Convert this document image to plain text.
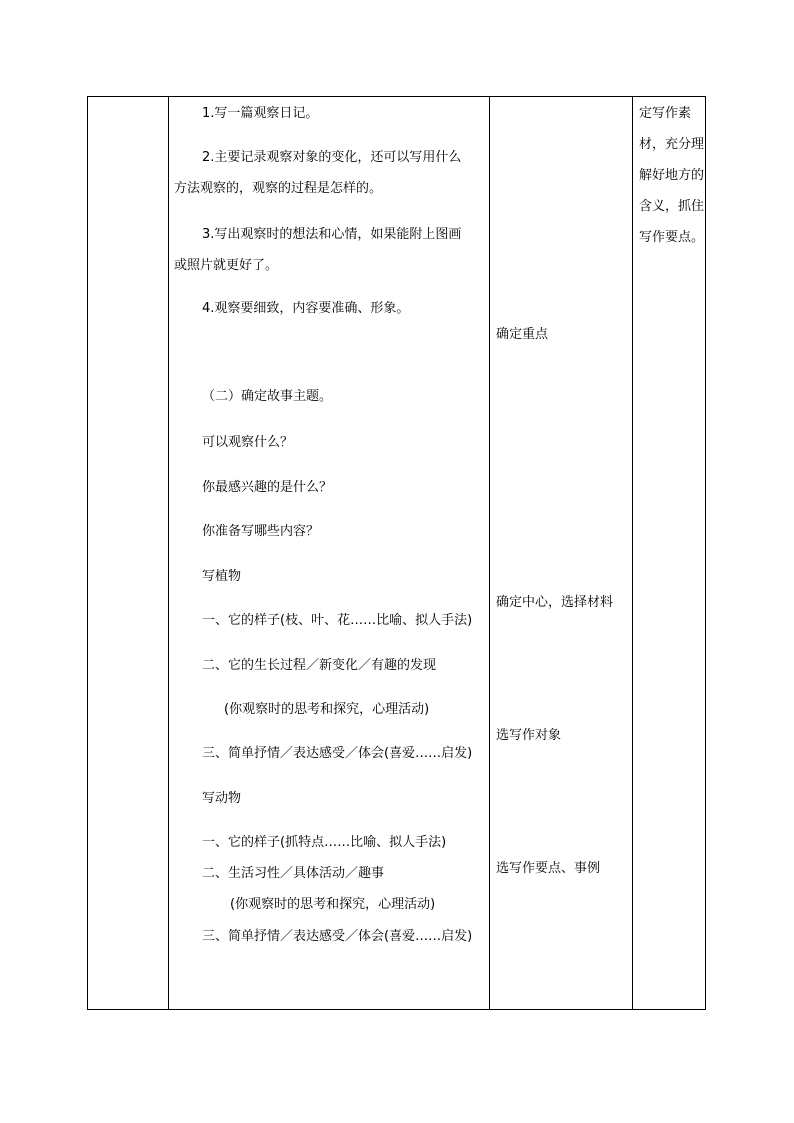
1.写一篇观察日记。
2.主要记录观察对象的变化，还可以写用什么
方法观察的，观察的过程是怎样的。
3.写出观察时的想法和心情，如果能附上图画
或照片就更好了。
4.观察要细致，内容要准确、形象。
（二）确定故事主题。
可以观察什么？
你最感兴趣的是什么？
你准备写哪些内容？
写植物
一、它的样子(枝、叶、花……比喻、拟人手法)
二、它的生长过程／新变化／有趣的发现
(你观察时的思考和探究，心理活动)
三、简单抒情／表达感受／体会(喜爱……启发)
写动物
一、它的样子(抓特点……比喻、拟人手法)
二、生活习性／具体活动／趣事
(你观察时的思考和探究，心理活动)
三、简单抒情／表达感受／体会(喜爱……启发)
确定重点
确定中心，选择材料
选写作对象
选写作要点、事例
定写作素材，充分理解好地方的含义，抓住写作要点。
